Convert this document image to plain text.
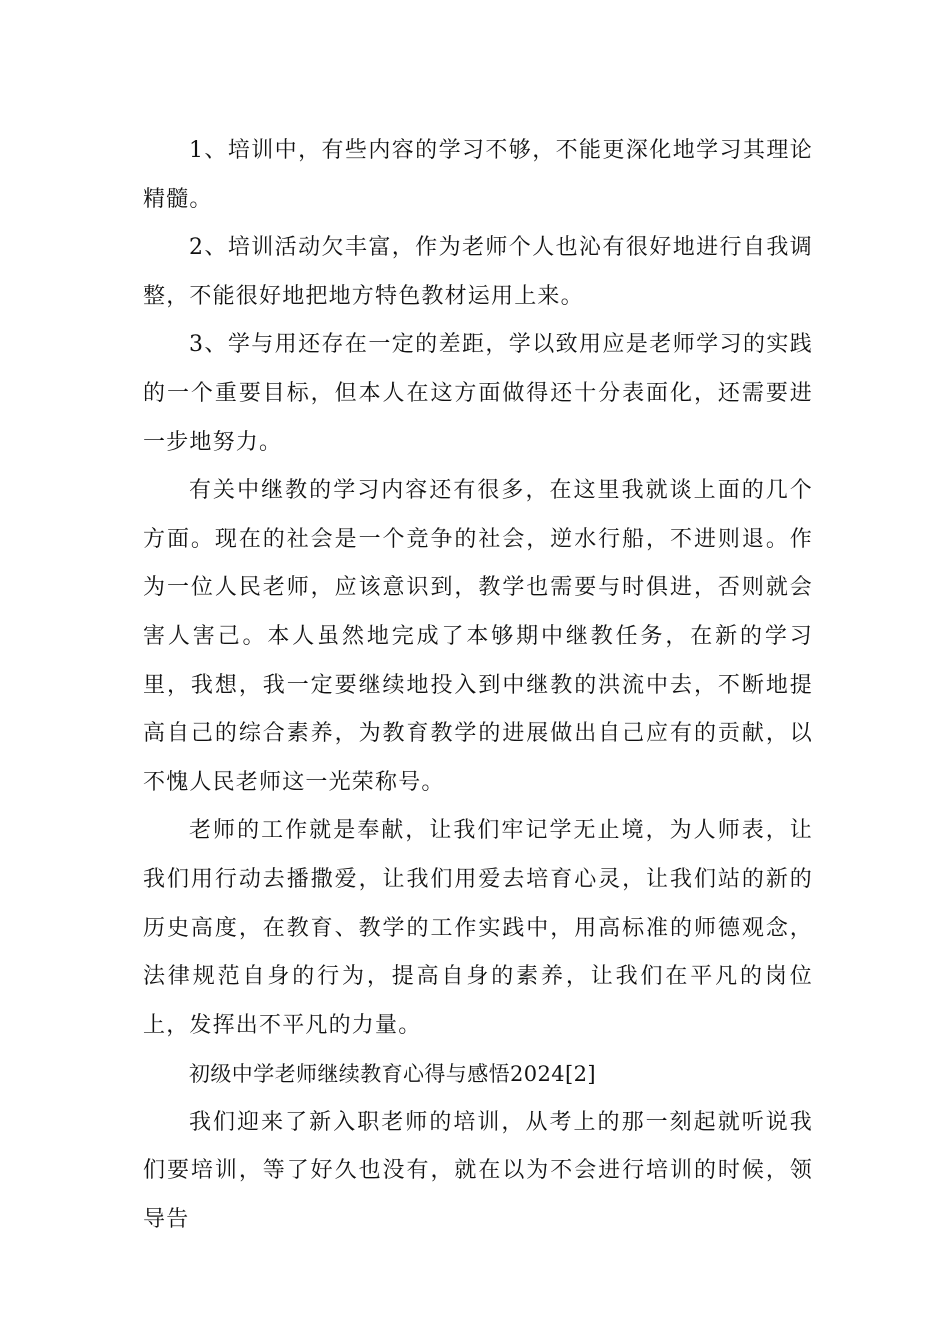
1、培训中，有些内容的学习不够，不能更深化地学习其理论精髓。

2、培训活动欠丰富，作为老师个人也沁有很好地进行自我调整，不能很好地把地方特色教材运用上来。

3、学与用还存在一定的差距，学以致用应是老师学习的实践的一个重要目标，但本人在这方面做得还十分表面化，还需要进一步地努力。

有关中继教的学习内容还有很多，在这里我就谈上面的几个方面。现在的社会是一个竞争的社会，逆水行船，不进则退。作为一位人民老师，应该意识到，教学也需要与时俱进，否则就会害人害己。本人虽然地完成了本够期中继教任务，在新的学习里，我想，我一定要继续地投入到中继教的洪流中去，不断地提高自己的综合素养，为教育教学的进展做出自己应有的贡献，以不愧人民老师这一光荣称号。

老师的工作就是奉献，让我们牢记学无止境，为人师表，让我们用行动去播撒爱，让我们用爱去培育心灵，让我们站的新的历史高度，在教育、教学的工作实践中，用高标准的师德观念，法律规范自身的行为，提高自身的素养，让我们在平凡的岗位上，发挥出不平凡的力量。

初级中学老师继续教育心得与感悟2024[2]

我们迎来了新入职老师的培训，从考上的那一刻起就听说我们要培训，等了好久也没有，就在以为不会进行培训的时候，领导告
